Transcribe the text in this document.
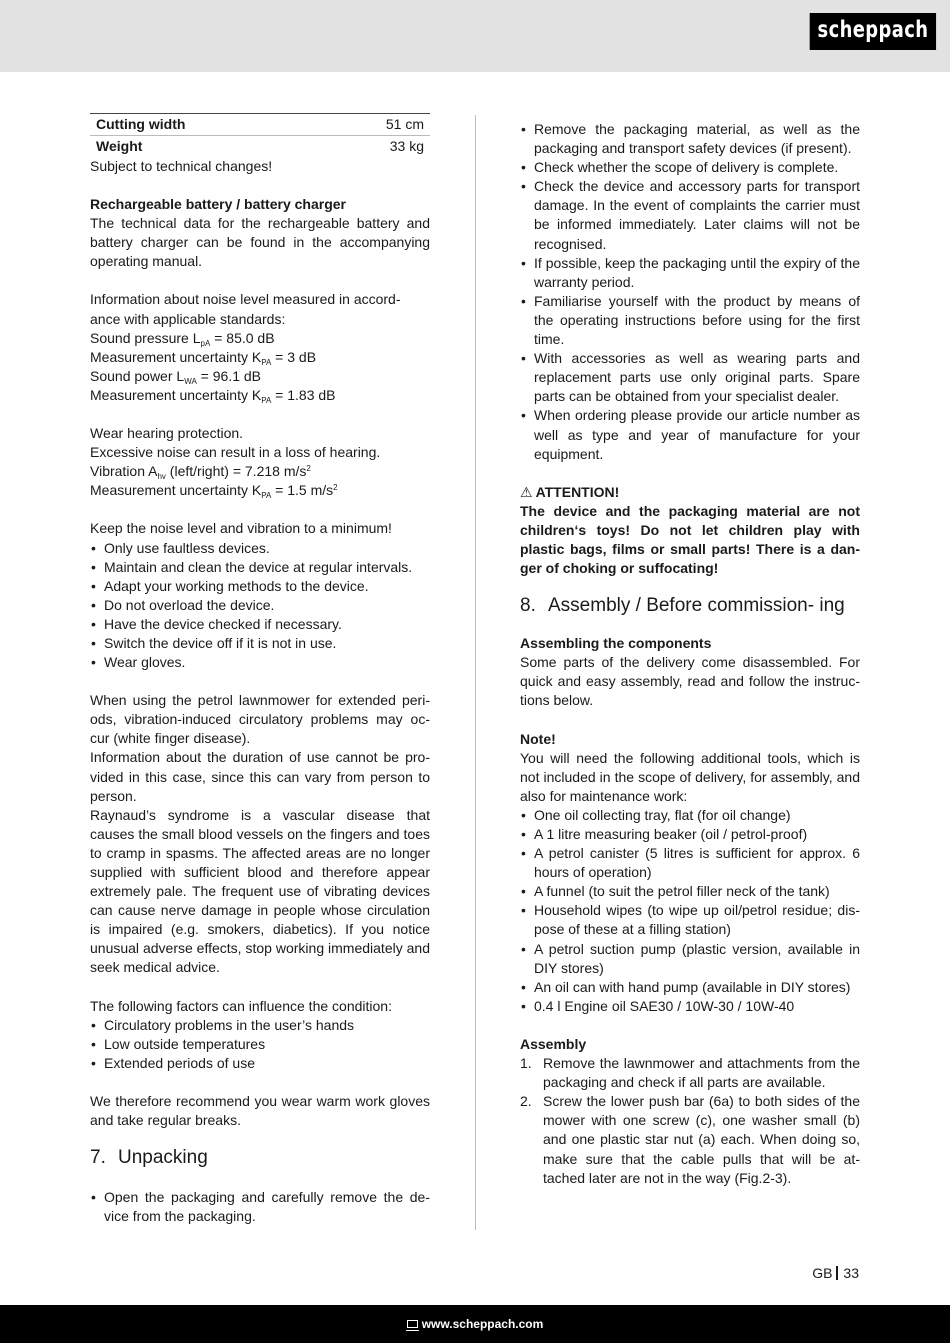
scheppach
Cutting width	51 cm
Weight	33 kg

Subject to technical changes!

Rechargeable battery / battery charger

The technical data for the rechargeable battery and battery charger can be found in the accompanying operating manual.

Information about noise level measured in accord-
ance with applicable standards:

Sound pressure $L_{pA} = 85.0$ dB

Measurement uncertainty $K_{PA} = 3$ dB

Sound power $L_{WA} = 96.1$ dB

Measurement uncertainty $K_{PA} = 1.83$ dB

Wear hearing protection.

Excessive noise can result in a loss of hearing.

Vibration $A_{hv}$ (left/right) = 7.218 $m/s^2$

Measurement uncertainty $K_{PA} = 1.5$ $m/s^2$

Keep the noise level and vibration to a minimum!

• Only use faultless devices.
• Maintain and clean the device at regular intervals.
• Adapt your working methods to the device.
• Do not overload the device.
• Have the device checked if necessary.
• Switch the device off if it is not in use.
• Wear gloves.

When using the petrol lawnmower for extended peri- ods, vibration-induced circulatory problems may oc- cur (white finger disease).

Information about the duration of use cannot be pro- vided in this case, since this can vary from person to person.

Raynaud’s syndrome is a vascular disease that causes the small blood vessels on the fingers and toes to cramp in spasms. The affected areas are no longer supplied with sufficient blood and therefore appear extremely pale. The frequent use of vibrating devices can cause nerve damage in people whose circulation is impaired (e.g. smokers, diabetics). If you notice unusual adverse effects, stop working immediately and seek medical advice.

The following factors can influence the condition:

• Circulatory problems in the user’s hands
• Low outside temperatures
• Extended periods of use

We therefore recommend you wear warm work gloves and take regular breaks.

7. Unpacking
• Open the packaging and carefully remove the de- vice from the packaging.
• Remove the packaging material, as well as the packaging and transport safety devices (if present).
• Check whether the scope of delivery is complete.
• Check the device and accessory parts for transport damage. In the event of complaints the carrier must be informed immediately. Later claims will not be recognised.
• If possible, keep the packaging until the expiry of the warranty period.
• Familiarise yourself with the product by means of the operating instructions before using for the first time.
• With accessories as well as wearing parts and replacement parts use only original parts. Spare parts can be obtained from your specialist dealer.
• When ordering please provide our article number as well as type and year of manufacture for your equipment.

⚠ ATTENTION!

The device and the packaging material are not children‘s toys! Do not let children play with plastic bags, films or small parts! There is a dan- ger of choking or suffocating!

8. Assembly / Before commission- ing

Assembling the components

Some parts of the delivery come disassembled. For quick and easy assembly, read and follow the instruc- tions below.

Note!

You will need the following additional tools, which is not included in the scope of delivery, for assembly, and also for maintenance work:

• One oil collecting tray, flat (for oil change)
• A 1 litre measuring beaker (oil / petrol-proof)
• A petrol canister (5 litres is sufficient for approx. 6 hours of operation)
• A funnel (to suit the petrol filler neck of the tank)
• Household wipes (to wipe up oil/petrol residue; dis- pose of these at a filling station)
• A petrol suction pump (plastic version, available in DIY stores)
• An oil can with hand pump (available in DIY stores)
• 0.4 l Engine oil SAE30 / 10W-30 / 10W-40

Assembly

1. Remove the lawnmower and attachments from the packaging and check if all parts are available.
2. Screw the lower push bar (6a) to both sides of the mower with one screw (c), one washer small (b) and one plastic star nut (a) each. When doing so, make sure that the cable pulls that will be at- tached later are not in the way (Fig.2-3).
GB 33
www.scheppach.com
